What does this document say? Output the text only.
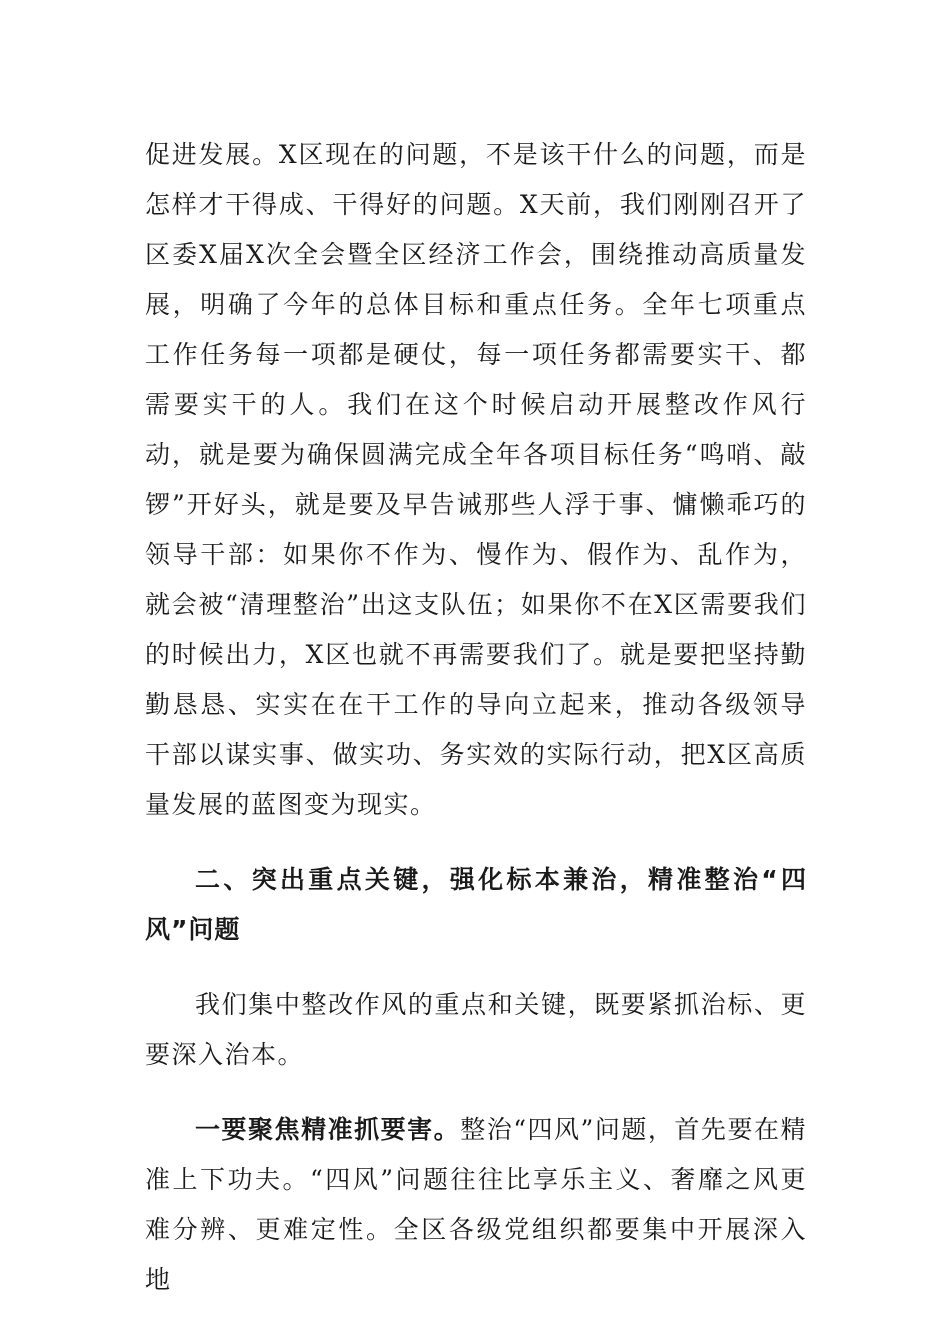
促进发展。X区现在的问题，不是该干什么的问题，而是怎样才干得成、干得好的问题。X天前，我们刚刚召开了区委X届X次全会暨全区经济工作会，围绕推动高质量发展，明确了今年的总体目标和重点任务。全年七项重点工作任务每一项都是硬仗，每一项任务都需要实干、都需要实干的人。我们在这个时候启动开展整改作风行动，就是要为确保圆满完成全年各项目标任务“鸣哨、敲锣”开好头，就是要及早告诫那些人浮于事、慵懒乖巧的领导干部：如果你不作为、慢作为、假作为、乱作为，就会被“清理整治”出这支队伍；如果你不在X区需要我们的时候出力，X区也就不再需要我们了。就是要把坚持勤勤恳恳、实实在在干工作的导向立起来，推动各级领导干部以谋实事、做实功、务实效的实际行动，把X区高质量发展的蓝图变为现实。

二、突出重点关键，强化标本兼治，精准整治“四风”问题

我们集中整改作风的重点和关键，既要紧抓治标、更要深入治本。

一要聚焦精准抓要害。整治“四风”问题，首先要在精准上下功夫。“四风”问题往往比享乐主义、奢靡之风更难分辨、更难定性。全区各级党组织都要集中开展深入地
